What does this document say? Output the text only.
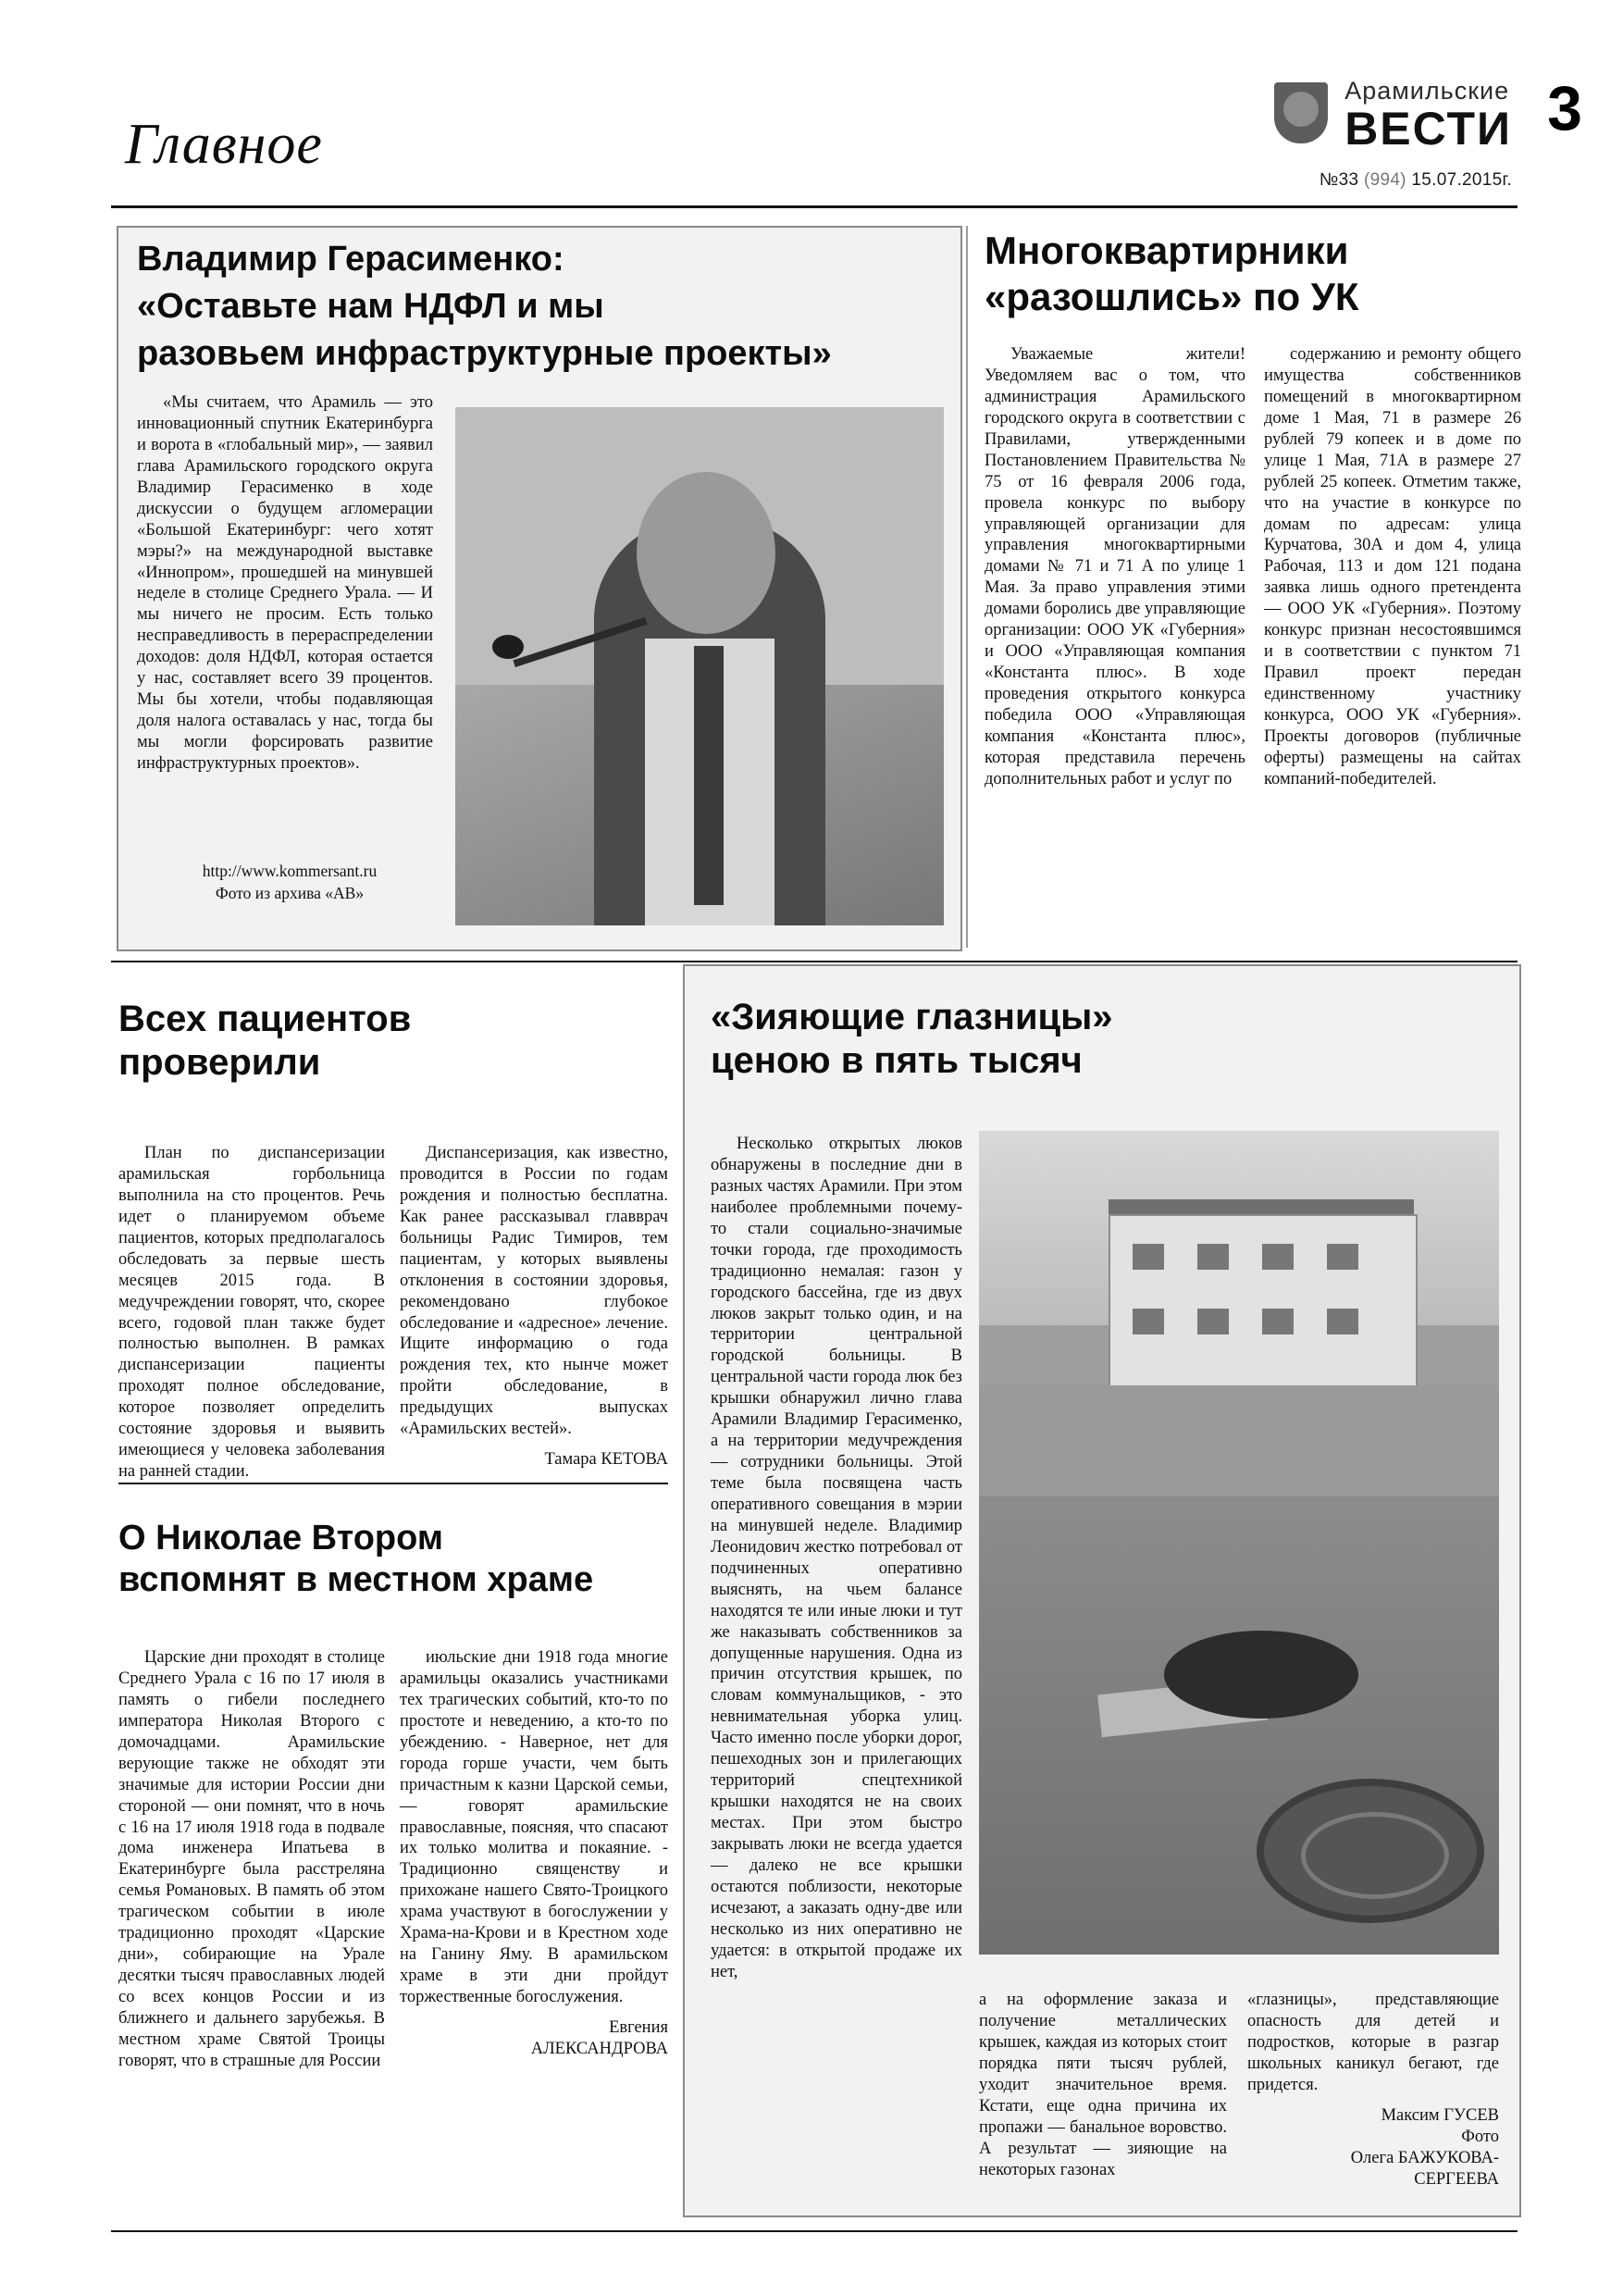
Главное
Арамильские
ВЕСТИ 3
№33 (994) 15.07.2015г.
Владимир Герасименко:
«Оставьте нам НДФЛ и мы
разовьем инфраструктурные проекты»

«Мы считаем, что Арамиль — это инновационный спутник Екатеринбурга и ворота в «глобальный мир», — заявил глава Арамильского городского округа Владимир Герасименко в ходе дискуссии о будущем агломерации «Большой Екатеринбург: чего хотят мэры?» на международной выставке «Иннопром», прошедшей на минувшей неделе в столице Среднего Урала. — И мы ничего не просим. Есть только несправедливость в перераспределении доходов: доля НДФЛ, которая остается у нас, составляет всего 39 процентов. Мы бы хотели, чтобы подавляющая доля налога оставалась у нас, тогда бы мы могли форсировать развитие инфраструктурных проектов».

http://www.kommersant.ru
Фото из архива «АВ»
Многоквартирники
«разошлись» по УК

Уважаемые жители! Уведомляем вас о том, что администрация Арамильского городского округа в соответствии с Правилами, утвержденными Постановлением Правительства № 75 от 16 февраля 2006 года, провела конкурс по выбору управляющей организации для управления многоквартирными домами № 71 и 71 А по улице 1 Мая. За право управления этими домами боролись две управляющие организации: ООО УК «Губерния» и ООО «Управляющая компания «Константа плюс». В ходе проведения открытого конкурса победила ООО «Управляющая компания «Константа плюс», которая представила перечень дополнительных работ и услуг по

содержанию и ремонту общего имущества собственников помещений в многоквартирном доме 1 Мая, 71 в размере 26 рублей 79 копеек и в доме по улице 1 Мая, 71А в размере 27 рублей 25 копеек. Отметим также, что на участие в конкурсе по домам по адресам: улица Курчатова, 30А и дом 4, улица Рабочая, 113 и дом 121 подана заявка лишь одного претендента — ООО УК «Губерния». Поэтому конкурс признан несостоявшимся и в соответствии с пунктом 71 Правил проект передан единственному участнику конкурса, ООО УК «Губерния». Проекты договоров (публичные оферты) размещены на сайтах компаний-победителей.

Всех пациентов
проверили

План по диспансеризации арамильская горбольница выполнила на сто процентов. Речь идет о планируемом объеме пациентов, которых предполагалось обследовать за первые шесть месяцев 2015 года. В медучреждении говорят, что, скорее всего, годовой план также будет полностью выполнен. В рамках диспансеризации пациенты проходят полное обследование, которое позволяет определить состояние здоровья и выявить имеющиеся у человека заболевания на ранней стадии.

Диспансеризация, как известно, проводится в России по годам рождения и полностью бесплатна. Как ранее рассказывал главврач больницы Радис Тимиров, тем пациентам, у которых выявлены отклонения в состоянии здоровья, рекомендовано глубокое обследование и «адресное» лечение. Ищите информацию о года рождения тех, кто нынче может пройти обследование, в предыдущих выпусках «Арамильских вестей».

Тамара КЕТОВА
О Николае Втором
вспомнят в местном храме

Царские дни проходят в столице Среднего Урала с 16 по 17 июля в память о гибели последнего императора Николая Второго с домочадцами. Арамильские верующие также не обходят эти значимые для истории России дни стороной — они помнят, что в ночь с 16 на 17 июля 1918 года в подвале дома инженера Ипатьева в Екатеринбурге была расстреляна семья Романовых. В память об этом трагическом событии в июле традиционно проходят «Царские дни», собирающие на Урале десятки тысяч православных людей со всех концов России и из ближнего и дальнего зарубежья. В местном храме Святой Троицы говорят, что в страшные для России

июльские дни 1918 года многие арамильцы оказались участниками тех трагических событий, кто-то по простоте и неведению, а кто-то по убеждению. - Наверное, нет для города горше участи, чем быть причастным к казни Царской семьи, — говорят арамильские православные, поясняя, что спасают их только молитва и покаяние. - Традиционно священству и прихожане нашего Свято-Троицкого храма участвуют в богослужении у Храма-на-Крови и в Крестном ходе на Ганину Яму. В арамильском храме в эти дни пройдут торжественные богослужения.

Евгения
АЛЕКСАНДРОВА
«Зияющие глазницы»
ценою в пять тысяч

Несколько открытых люков обнаружены в последние дни в разных частях Арамили. При этом наиболее проблемными почему-то стали социально-значимые точки города, где проходимость традиционно немалая: газон у городского бассейна, где из двух люков закрыт только один, и на территории центральной городской больницы. В центральной части города люк без крышки обнаружил лично глава Арамили Владимир Герасименко, а на территории медучреждения — сотрудники больницы. Этой теме была посвящена часть оперативного совещания в мэрии на минувшей неделе. Владимир Леонидович жестко потребовал от подчиненных оперативно выяснять, на чьем балансе находятся те или иные люки и тут же наказывать собственников за допущенные нарушения. Одна из причин отсутствия крышек, по словам коммунальщиков, - это невнимательная уборка улиц. Часто именно после уборки дорог, пешеходных зон и прилегающих территорий спецтехникой крышки находятся не на своих местах. При этом быстро закрывать люки не всегда удается — далеко не все крышки остаются поблизости, некоторые исчезают, а заказать одну-две или несколько из них оперативно не удается: в открытой продаже их нет,

а на оформление заказа и получение металлических крышек, каждая из которых стоит порядка пяти тысяч рублей, уходит значительное время. Кстати, еще одна причина их пропажи — банальное воровство. А результат — зияющие на некоторых газонах

«глазницы», представляющие опасность для детей и подростков, которые в разгар школьных каникул бегают, где придется.

Максим ГУСЕВ
Фото
Олега БАЖУКОВА-
СЕРГЕЕВА
